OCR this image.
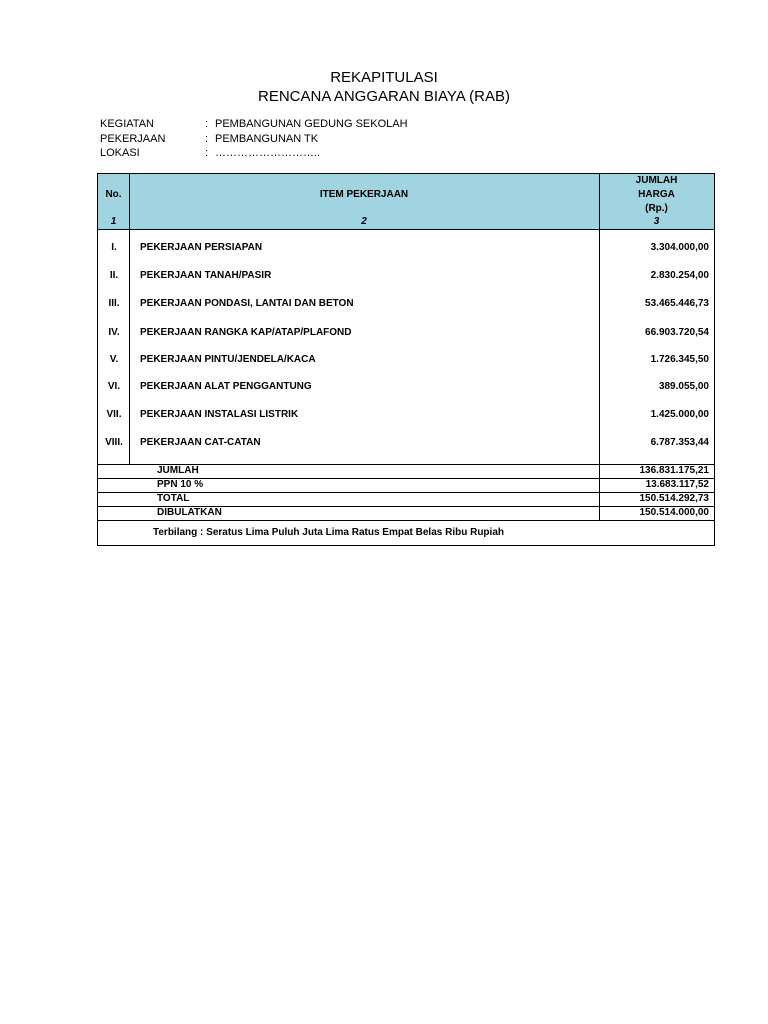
REKAPITULASI
RENCANA ANGGARAN BIAYA (RAB)
KEGIATAN	: PEMBANGUNAN GEDUNG SEKOLAH
PEKERJAAN	: PEMBANGUNAN TK
LOKASI	: ………………………..
No.	ITEM PEKERJAAN
JUMLAH
HARGA
(Rp.)
1	2	3
I.	PEKERJAAN PERSIAPAN	3.304.000,00
II.	PEKERJAAN TANAH/PASIR	2.830.254,00
III.	PEKERJAAN PONDASI, LANTAI DAN BETON	53.465.446,73
IV.	PEKERJAAN RANGKA KAP/ATAP/PLAFOND	66.903.720,54
V.	PEKERJAAN PINTU/JENDELA/KACA	1.726.345,50
VI.	PEKERJAAN ALAT PENGGANTUNG	389.055,00
VII.	PEKERJAAN INSTALASI LISTRIK	1.425.000,00
VIII.	PEKERJAAN CAT-CATAN	6.787.353,44
JUMLAH	136.831.175,21
PPN 10 %	13.683.117,52
TOTAL	150.514.292,73
DIBULATKAN	150.514.000,00
Terbilang : Seratus Lima Puluh Juta Lima Ratus Empat Belas Ribu Rupiah
